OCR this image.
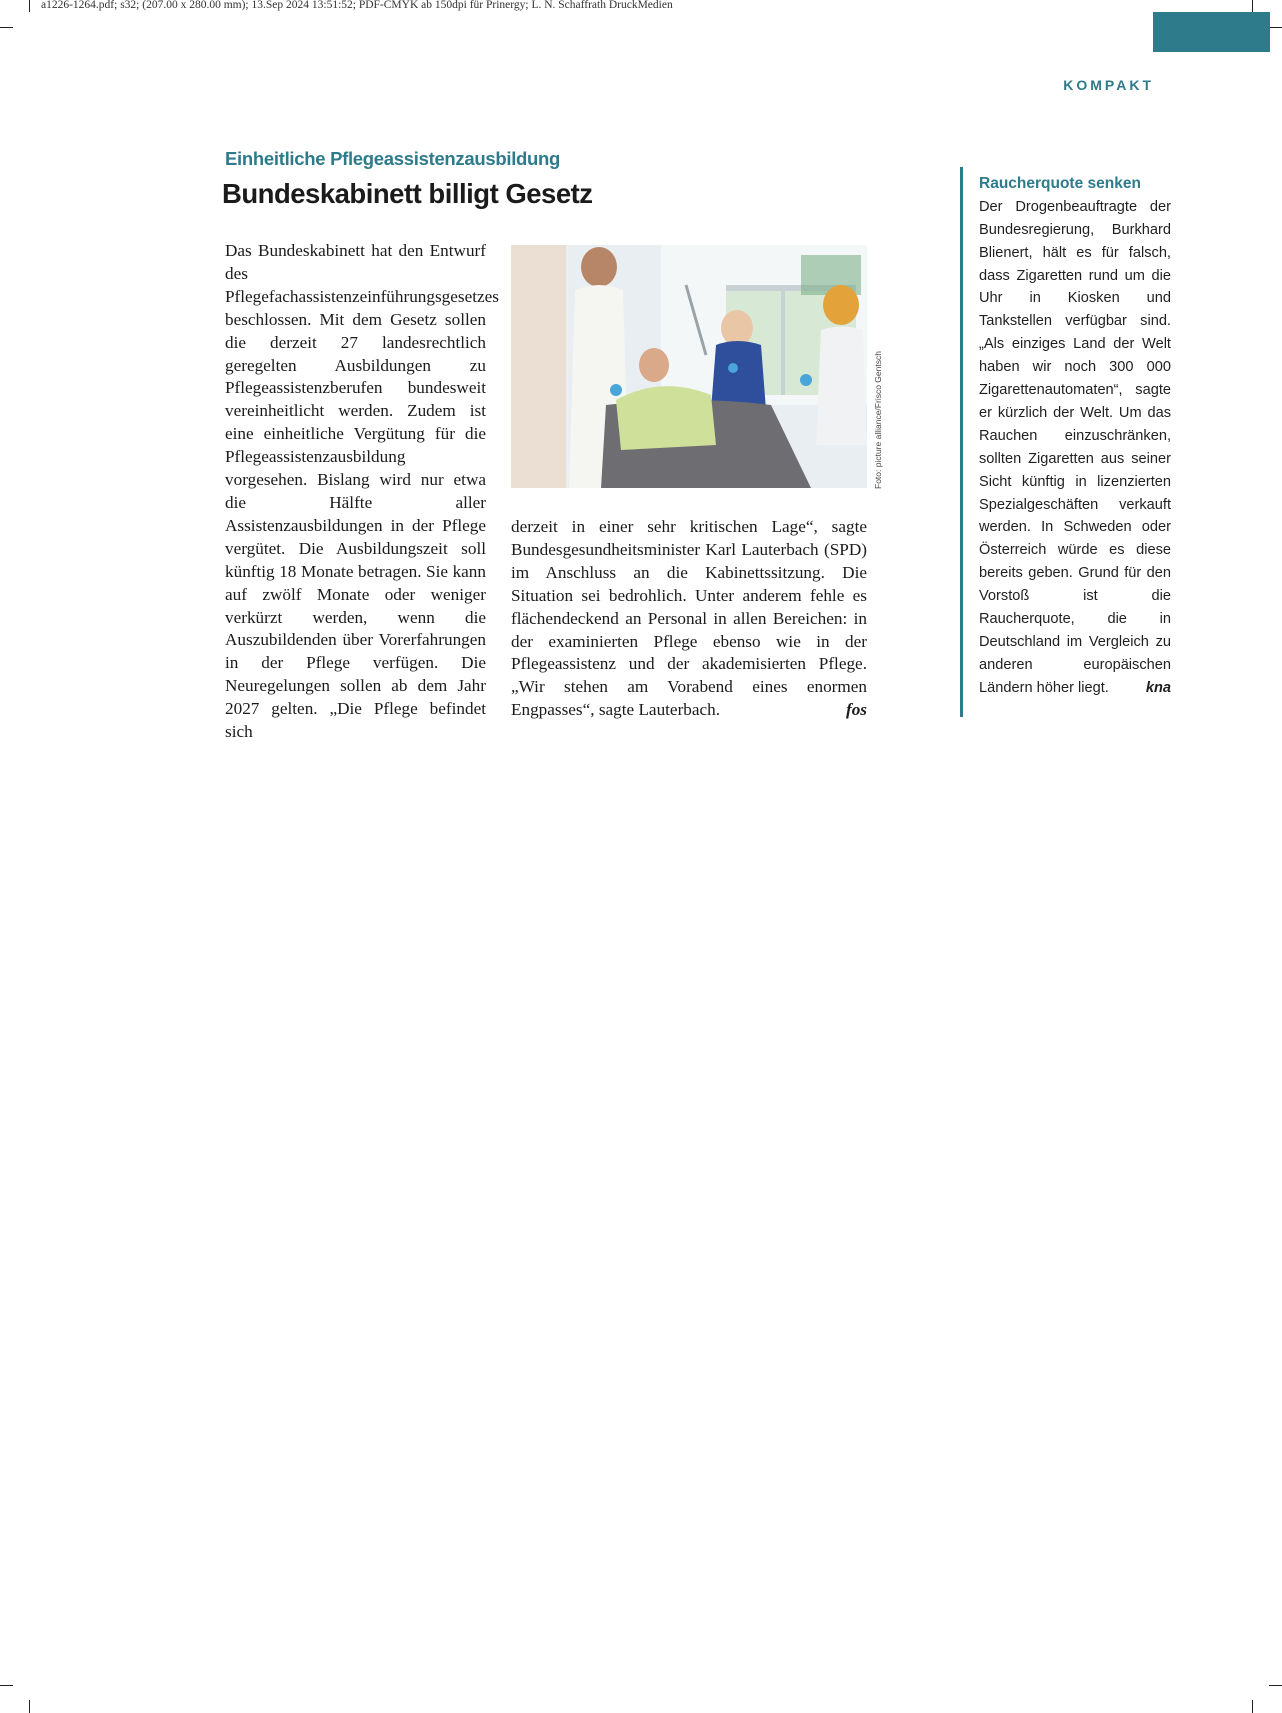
a1226-1264.pdf; s32; (207.00 x 280.00 mm); 13.Sep 2024 13:51:52; PDF-CMYK ab 150dpi für Prinergy; L. N. Schaffrath DruckMedien
KOMPAKT
Einheitliche Pflegeassistenzausbildung
Bundeskabinett billigt Gesetz
Das Bundeskabinett hat den Entwurf des Pflegefachassistenzeinführungsgesetzes beschlossen. Mit dem Gesetz sollen die derzeit 27 landesrechtlich geregelten Ausbildungen zu Pflegeassistenzberufen bundesweit vereinheitlicht werden. Zudem ist eine einheitliche Vergütung für die Pflegeassistenzausbildung vorgesehen. Bislang wird nur etwa die Hälfte aller Assistenzausbildungen in der Pflege vergütet. Die Ausbildungszeit soll künftig 18 Monate betragen. Sie kann auf zwölf Monate oder weniger verkürzt werden, wenn die Auszubildenden über Vorerfahrungen in der Pflege verfügen. Die Neuregelungen sollen ab dem Jahr 2027 gelten. „Die Pflege befindet sich
Foto: picture alliance/Frisco Gentsch
derzeit in einer sehr kritischen Lage“, sagte Bundesgesundheitsminister Karl Lauterbach (SPD) im Anschluss an die Kabinettssitzung. Die Situation sei bedrohlich. Unter anderem fehle es flächendeckend an Personal in allen Bereichen: in der examinierten Pflege ebenso wie in der Pflegeassistenz und der akademisierten Pflege. „Wir stehen am Vorabend eines enormen Engpasses“, sagte Lauterbach.	fos
Raucherquote senken
Der Drogenbeauftragte der Bundesregierung, Burkhard Blienert, hält es für falsch, dass Zigaretten rund um die Uhr in Kiosken und Tankstellen verfügbar sind. „Als einziges Land der Welt haben wir noch 300 000 Zigarettenautomaten“, sagte er kürzlich der Welt. Um das Rauchen einzuschränken, sollten Zigaretten aus seiner Sicht künftig in lizenzierten Spezialgeschäften verkauft werden. In Schweden oder Österreich würde es diese bereits geben. Grund für den Vorstoß ist die Raucherquote, die in Deutschland im Vergleich zu anderen europäischen Ländern höher liegt.	kna
